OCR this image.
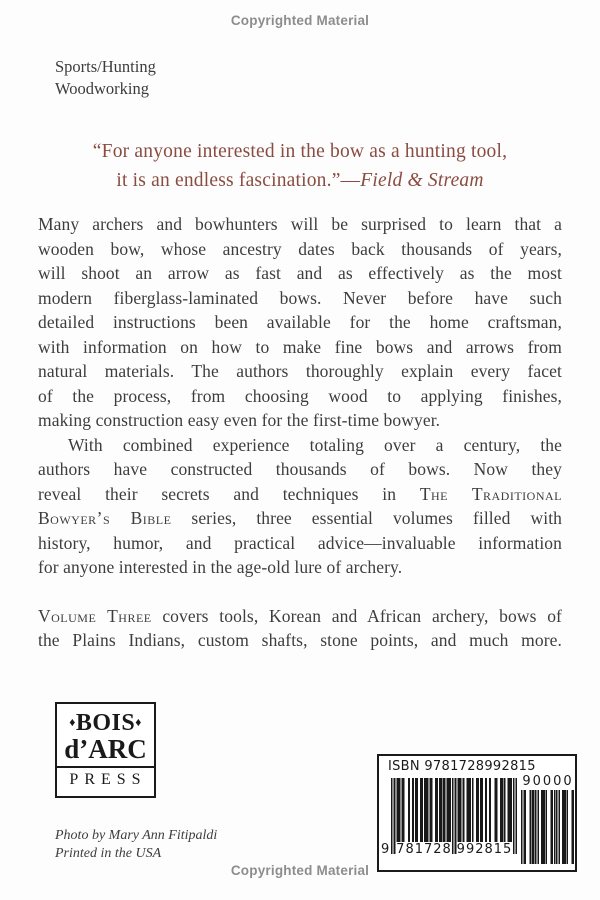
Copyrighted Material
Sports/Hunting
Woodworking
“For anyone interested in the bow as a hunting tool,
it is an endless fascination.”—Field & Stream
Many archers and bowhunters will be surprised to learn that a
wooden bow, whose ancestry dates back thousands of years,
will shoot an arrow as fast and as effectively as the most
modern fiberglass-laminated bows. Never before have such
detailed instructions been available for the home craftsman,
with information on how to make fine bows and arrows from
natural materials. The authors thoroughly explain every facet
of the process, from choosing wood to applying finishes,
making construction easy even for the first-time bowyer.
With combined experience totaling over a century, the
authors have constructed thousands of bows. Now they
reveal their secrets and techniques in The Traditional
Bowyer’s Bible series, three essential volumes filled with
history, humor, and practical advice—invaluable information
for anyone interested in the age-old lure of archery.
Volume Three covers tools, Korean and African archery, bows of
the Plains Indians, custom shafts, stone points, and much more.
♦BOIS♦
d’ARC
PRESS
Photo by Mary Ann Fitipaldi
Printed in the USA
ISBN 9781728992815
9 781728 992815
90000
Copyrighted Material
